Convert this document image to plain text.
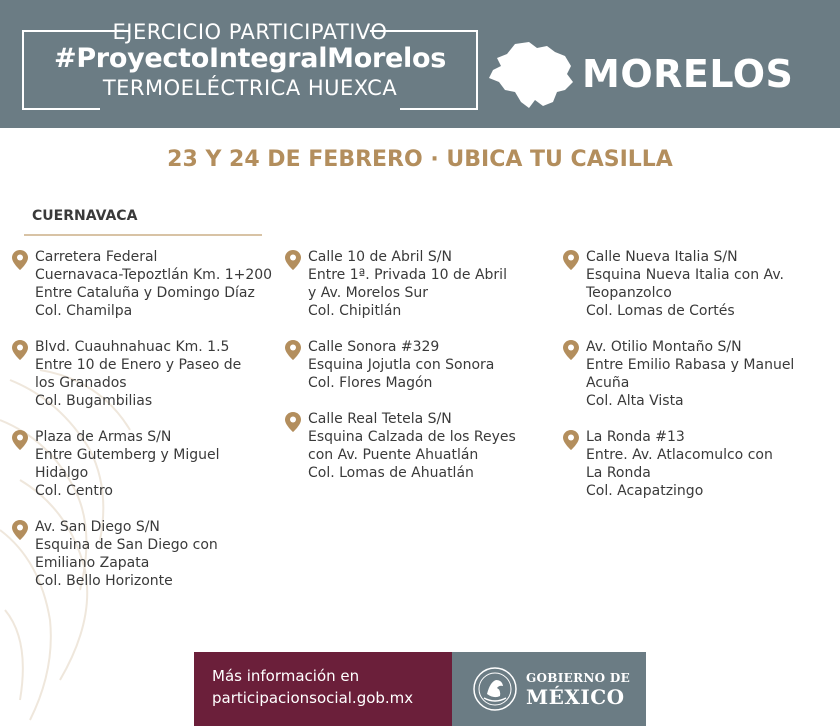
EJERCICIO PARTICIPATIVO
#ProyectoIntegralMorelos
TERMOELÉCTRICA HUEXCA	MORELOS
23 Y 24 DE FEBRERO · UBICA TU CASILLA
CUERNAVACA
Carretera Federal
Cuernavaca-Tepoztlán Km. 1+200
Entre Cataluña y Domingo Díaz
Col. Chamilpa
Blvd. Cuauhnahuac Km. 1.5
Entre 10 de Enero y Paseo de
los Granados
Col. Bugambilias
Plaza de Armas S/N
Entre Gutemberg y Miguel
Hidalgo
Col. Centro
Av. San Diego S/N
Esquina de San Diego con
Emiliano Zapata
Col. Bello Horizonte
Calle 10 de Abril S/N
Entre 1ª. Privada 10 de Abril
y Av. Morelos Sur
Col. Chipitlán
Calle Sonora #329
Esquina Jojutla con Sonora
Col. Flores Magón
Calle Real Tetela S/N
Esquina Calzada de los Reyes
con Av. Puente Ahuatlán
Col. Lomas de Ahuatlán
Calle Nueva Italia S/N
Esquina Nueva Italia con Av.
Teopanzolco
Col. Lomas de Cortés
Av. Otilio Montaño S/N
Entre Emilio Rabasa y Manuel
Acuña
Col. Alta Vista
La Ronda #13
Entre. Av. Atlacomulco con
La Ronda
Col. Acapatzingo
Más información en
participacionsocial.gob.mx
GOBIERNO DE
MÉXICO
